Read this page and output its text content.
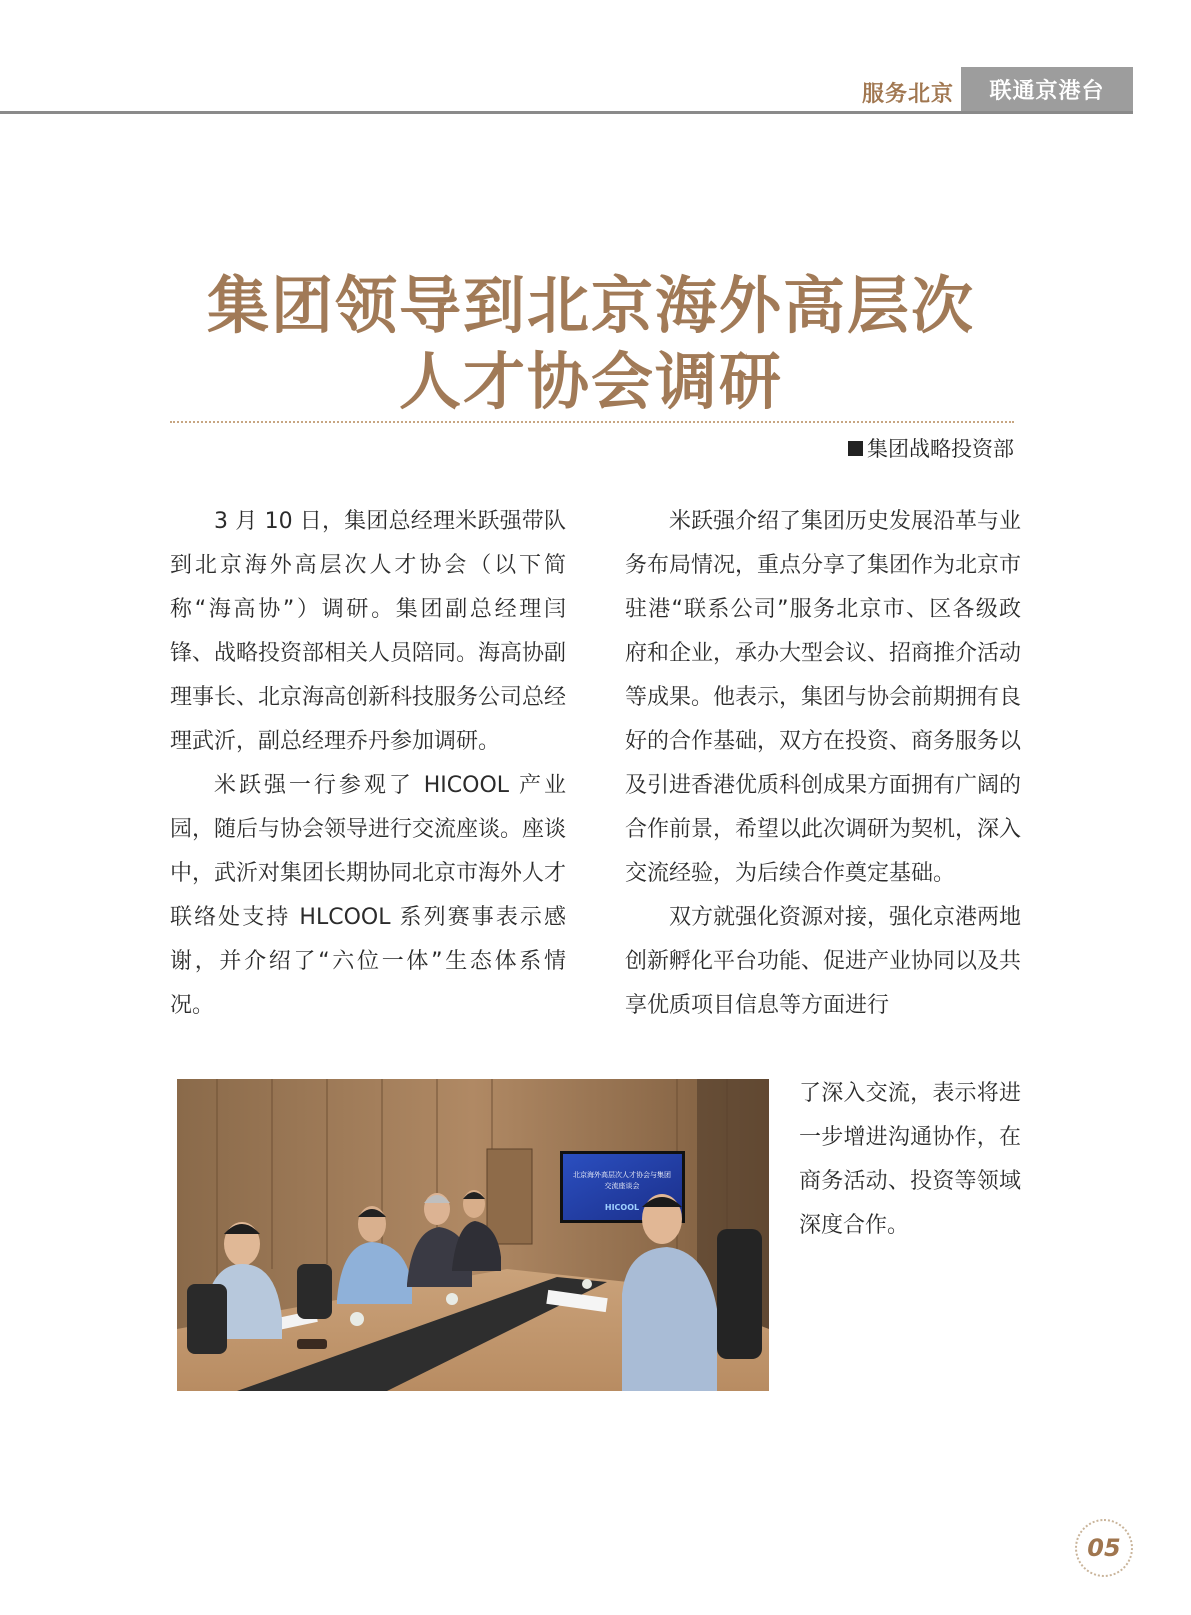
服务北京	联通京港台
集团领导到北京海外高层次
人才协会调研
集团战略投资部

3 月 10 日，集团总经理米跃强带队到北京海外高层次人才协会（以下简称“海高协”）调研。集团副总经理闫锋、战略投资部相关人员陪同。海高协副理事长、北京海高创新科技服务公司总经理武沂，副总经理乔丹参加调研。

米跃强一行参观了 HICOOL 产业园，随后与协会领导进行交流座谈。座谈中，武沂对集团长期协同北京市海外人才联络处支持 HLCOOL 系列赛事表示感谢，并介绍了“六位一体”生态体系情况。

米跃强介绍了集团历史发展沿革与业务布局情况，重点分享了集团作为北京市驻港“联系公司”服务北京市、区各级政府和企业，承办大型会议、招商推介活动等成果。他表示，集团与协会前期拥有良好的合作基础，双方在投资、商务服务以及引进香港优质科创成果方面拥有广阔的合作前景，希望以此次调研为契机，深入交流经验，为后续合作奠定基础。

双方就强化资源对接，强化京港两地创新孵化平台功能、促进产业协同以及共享优质项目信息等方面进行

了深入交流，表示将进一步增进沟通协作，在商务活动、投资等领域深度合作。

北京海外高层次人才协会与集团
交流座谈会
HICOOL
05
